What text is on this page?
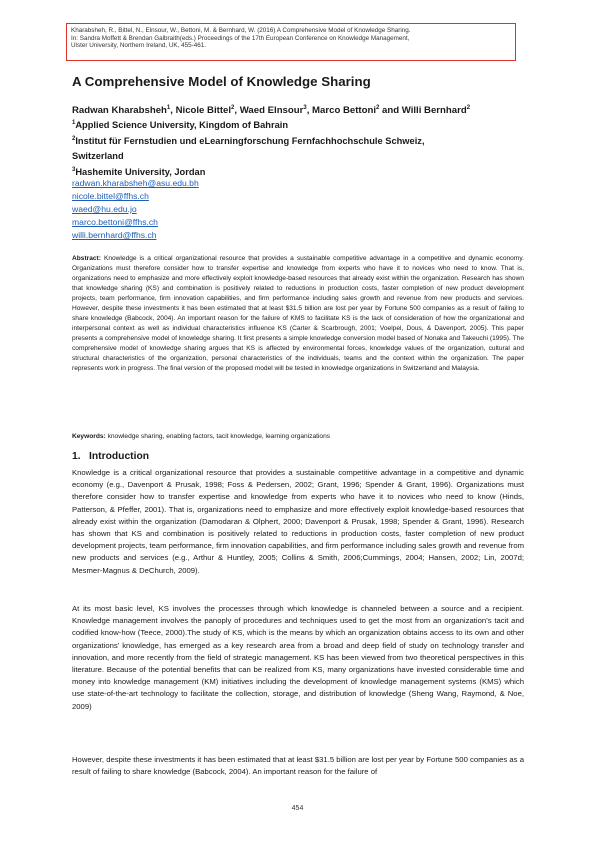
Kharabsheh, R., Bittel, N., Elnsour, W., Bettoni, M. & Bernhard, W. (2016) A Comprehensive Model of Knowledge Sharing.
In: Sandra Moffett & Brendan Galbraith(eds.) Proceedings of the 17th European Conference on Knowledge Management,
Ulster University, Northern Ireland, UK, 455-461.
A Comprehensive Model of Knowledge Sharing
Radwan Kharabsheh$^1$, Nicole Bittel$^2$, Waed Elnsour$^3$, Marco Bettoni$^2$ and Willi Bernhard$^2$
$^1$Applied Science University, Kingdom of Bahrain
$^2$Institut für Fernstudien und eLearningforschung Fernfachhochschule Schweiz,
Switzerland
$^3$Hashemite University, Jordan
radwan.kharabsheh@asu.edu.bh
nicole.bittel@ffhs.ch
waed@hu.edu.jo
marco.bettoni@ffhs.ch
willi.bernhard@ffhs.ch

Abstract: Knowledge is a critical organizational resource that provides a sustainable competitive advantage in a competitive and dynamic economy. Organizations must therefore consider how to transfer expertise and knowledge from experts who have it to novices who need to know. That is, organizations need to emphasize and more effectively exploit knowledge-based resources that already exist within the organization. Research has shown that knowledge sharing (KS) and combination is positively related to reductions in production costs, faster completion of new product development projects, team performance, firm innovation capabilities, and firm performance including sales growth and revenue from new products and services. However, despite these investments it has been estimated that at least $31.5 billion are lost per year by Fortune 500 companies as a result of failing to share knowledge (Babcock, 2004). An important reason for the failure of KMS to facilitate KS is the lack of consideration of how the organizational and interpersonal context as well as individual characteristics influence KS (Carter & Scarbrough, 2001; Voelpel, Dous, & Davenport, 2005). This paper presents a comprehensive model of knowledge sharing. It first presents a simple knowledge conversion model based of Nonaka and Takeuchi (1995). The comprehensive model of knowledge sharing argues that KS is affected by environmental forces, knowledge values of the organization, cultural and structural characteristics of the organization, personal characteristics of the individuals, teams and the context within the organization. The paper represents work in progress. The final version of the proposed model will be tested in knowledge organizations in Switzerland and Malaysia.

Keywords: knowledge sharing, enabling factors, tacit knowledge, learning organizations

1. Introduction

Knowledge is a critical organizational resource that provides a sustainable competitive advantage in a competitive and dynamic economy (e.g., Davenport & Prusak, 1998; Foss & Pedersen, 2002; Grant, 1996; Spender & Grant, 1996). Organizations must therefore consider how to transfer expertise and knowledge from experts who have it to novices who need to know (Hinds, Patterson, & Pfeffer, 2001). That is, organizations need to emphasize and more effectively exploit knowledge-based resources that already exist within the organization (Damodaran & Olphert, 2000; Davenport & Prusak, 1998; Spender & Grant, 1996). Research has shown that KS and combination is positively related to reductions in production costs, faster completion of new product development projects, team performance, firm innovation capabilities, and firm performance including sales growth and revenue from new products and services (e.g., Arthur & Huntley, 2005; Collins & Smith, 2006;Cummings, 2004; Hansen, 2002; Lin, 2007d; Mesmer-Magnus & DeChurch, 2009).

At its most basic level, KS involves the processes through which knowledge is channeled between a source and a recipient. Knowledge management involves the panoply of procedures and techniques used to get the most from an organization’s tacit and codified know-how (Teece, 2000).The study of KS, which is the means by which an organization obtains access to its own and other organizations’ knowledge, has emerged as a key research area from a broad and deep field of study on technology transfer and innovation, and more recently from the field of strategic management. KS has been viewed from two theoretical perspectives in this literature. Because of the potential benefits that can be realized from KS, many organizations have invested considerable time and money into knowledge management (KM) initiatives including the development of knowledge management systems (KMS) which use state-of-the-art technology to facilitate the collection, storage, and distribution of knowledge (Sheng Wang, Raymond, & Noe, 2009)

However, despite these investments it has been estimated that at least $31.5 billion are lost per year by Fortune 500 companies as a result of failing to share knowledge (Babcock, 2004). An important reason for the failure of

454
